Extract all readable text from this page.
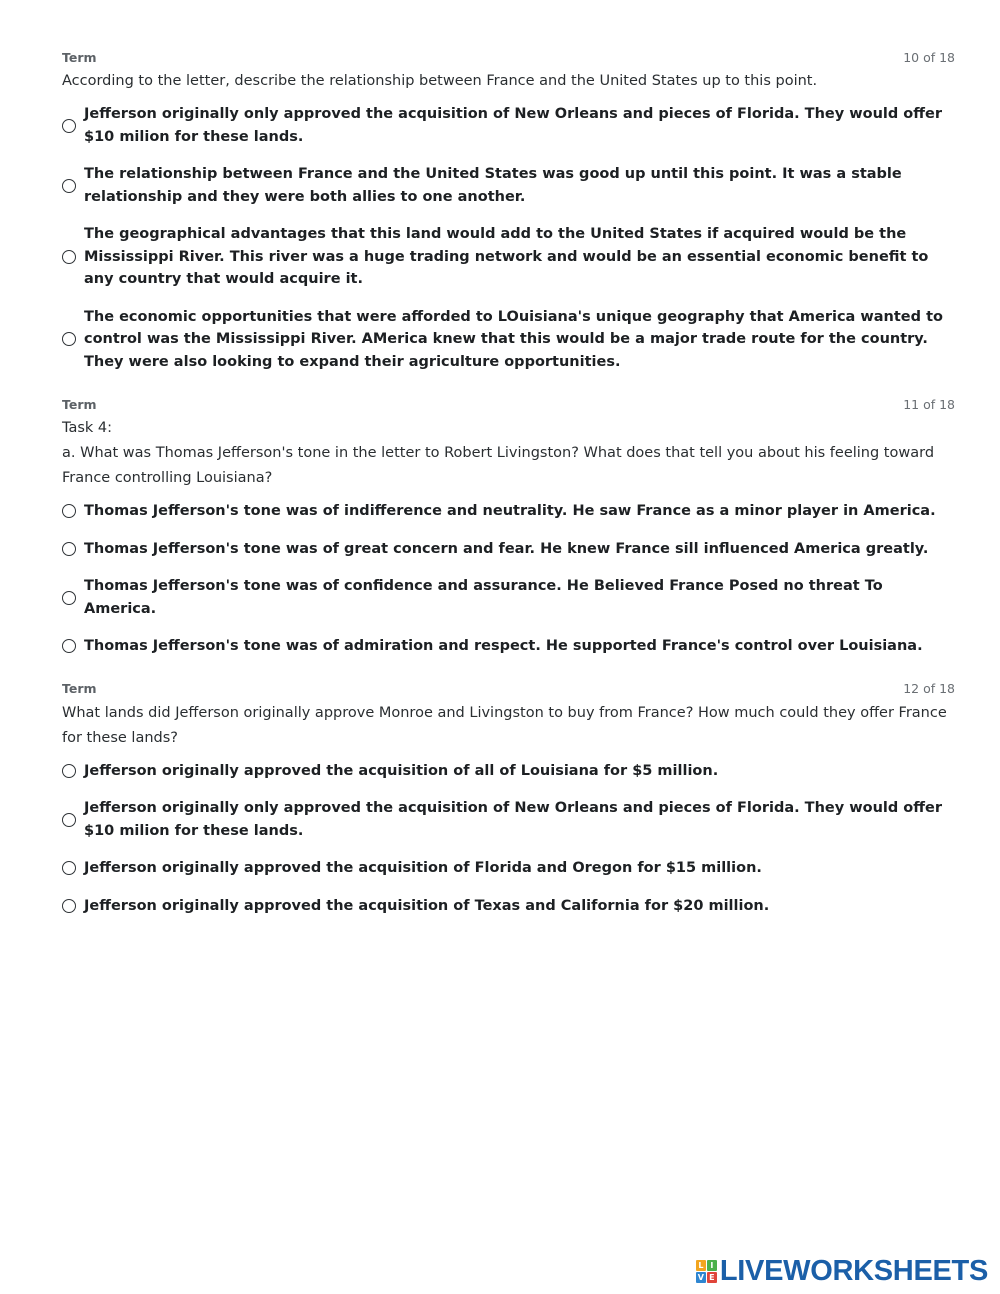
Term	10 of 18
According to the letter, describe the relationship between France and the United States up to this point.
Jefferson originally only approved the acquisition of New Orleans and pieces of Florida. They would offer $10 milion for these lands.
The relationship between France and the United States was good up until this point. It was a stable relationship and they were both allies to one another.
The geographical advantages that this land would add to the United States if acquired would be the Mississippi River. This river was a huge trading network and would be an essential economic benefit to any country that would acquire it.
The economic opportunities that were afforded to LOuisiana's unique geography that America wanted to control was the Mississippi River. AMerica knew that this would be a major trade route for the country. They were also looking to expand their agriculture opportunities.
Term	11 of 18
Task 4:
a. What was Thomas Jefferson's tone in the letter to Robert Livingston? What does that tell you about his feeling toward France controlling Louisiana?
Thomas Jefferson's tone was of indifference and neutrality. He saw France as a minor player in America.
Thomas Jefferson's tone was of great concern and fear. He knew France sill influenced America greatly.
Thomas Jefferson's tone was of confidence and assurance. He Believed France Posed no threat To America.
Thomas Jefferson's tone was of admiration and respect. He supported France's control over Louisiana.
Term	12 of 18
What lands did Jefferson originally approve Monroe and Livingston to buy from France? How much could they offer France for these lands?
Jefferson originally approved the acquisition of all of Louisiana for $5 million.
Jefferson originally only approved the acquisition of New Orleans and pieces of Florida. They would offer $10 milion for these lands.
Jefferson originally approved the acquisition of Florida and Oregon for $15 million.
Jefferson originally approved the acquisition of Texas and California for $20 million.
L I
V E LIVEWORKSHEETS
